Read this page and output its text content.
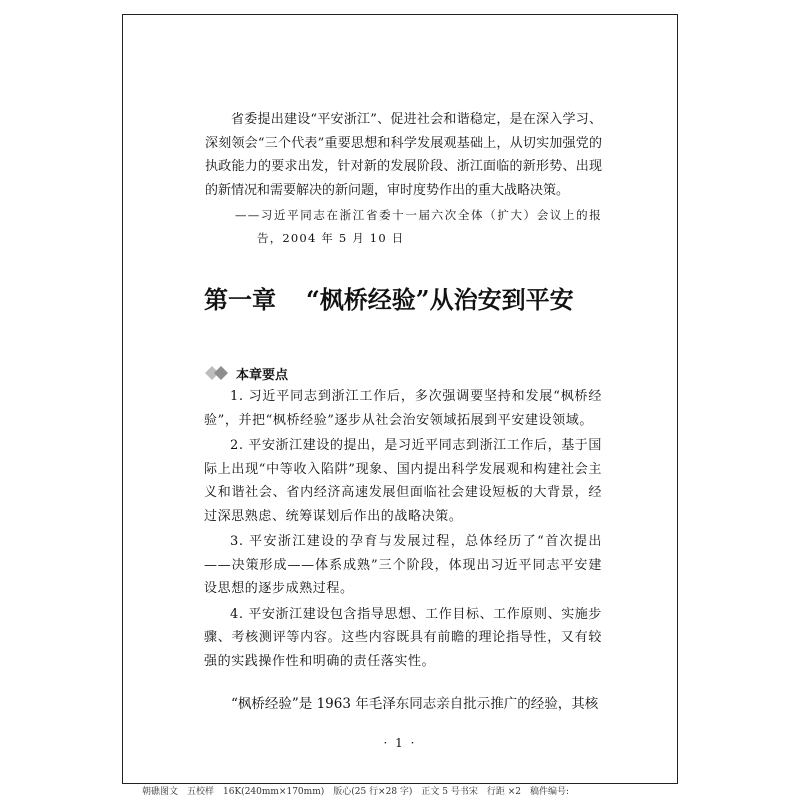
省委提出建设“平安浙江”、促进社会和谐稳定，是在深入学习、深刻领会“三个代表”重要思想和科学发展观基础上，从切实加强党的执政能力的要求出发，针对新的发展阶段、浙江面临的新形势、出现的新情况和需要解决的新问题，审时度势作出的重大战略决策。
——习近平同志在浙江省委十一届六次全体（扩大）会议上的报告，2004 年 5 月 10 日
第一章 “枫桥经验”从治安到平安
本章要点

1. 习近平同志到浙江工作后，多次强调要坚持和发展“枫桥经验”，并把“枫桥经验”逐步从社会治安领域拓展到平安建设领域。

2. 平安浙江建设的提出，是习近平同志到浙江工作后，基于国际上出现“中等收入陷阱”现象、国内提出科学发展观和构建社会主义和谐社会、省内经济高速发展但面临社会建设短板的大背景，经过深思熟虑、统筹谋划后作出的战略决策。

3. 平安浙江建设的孕育与发展过程，总体经历了“首次提出——决策形成——体系成熟”三个阶段，体现出习近平同志平安建设思想的逐步成熟过程。

4. 平安浙江建设包含指导思想、工作目标、工作原则、实施步骤、考核测评等内容。这些内容既具有前瞻的理论指导性，又有较强的实践操作性和明确的责任落实性。

“枫桥经验”是 1963 年毛泽东同志亲自批示推广的经验，其核
· 1 ·
朝礁图文　五校样　16K(240mm×170mm)　版心(25 行×28 字)　正文 5 号书宋　行距 ×2　稿件编号:
